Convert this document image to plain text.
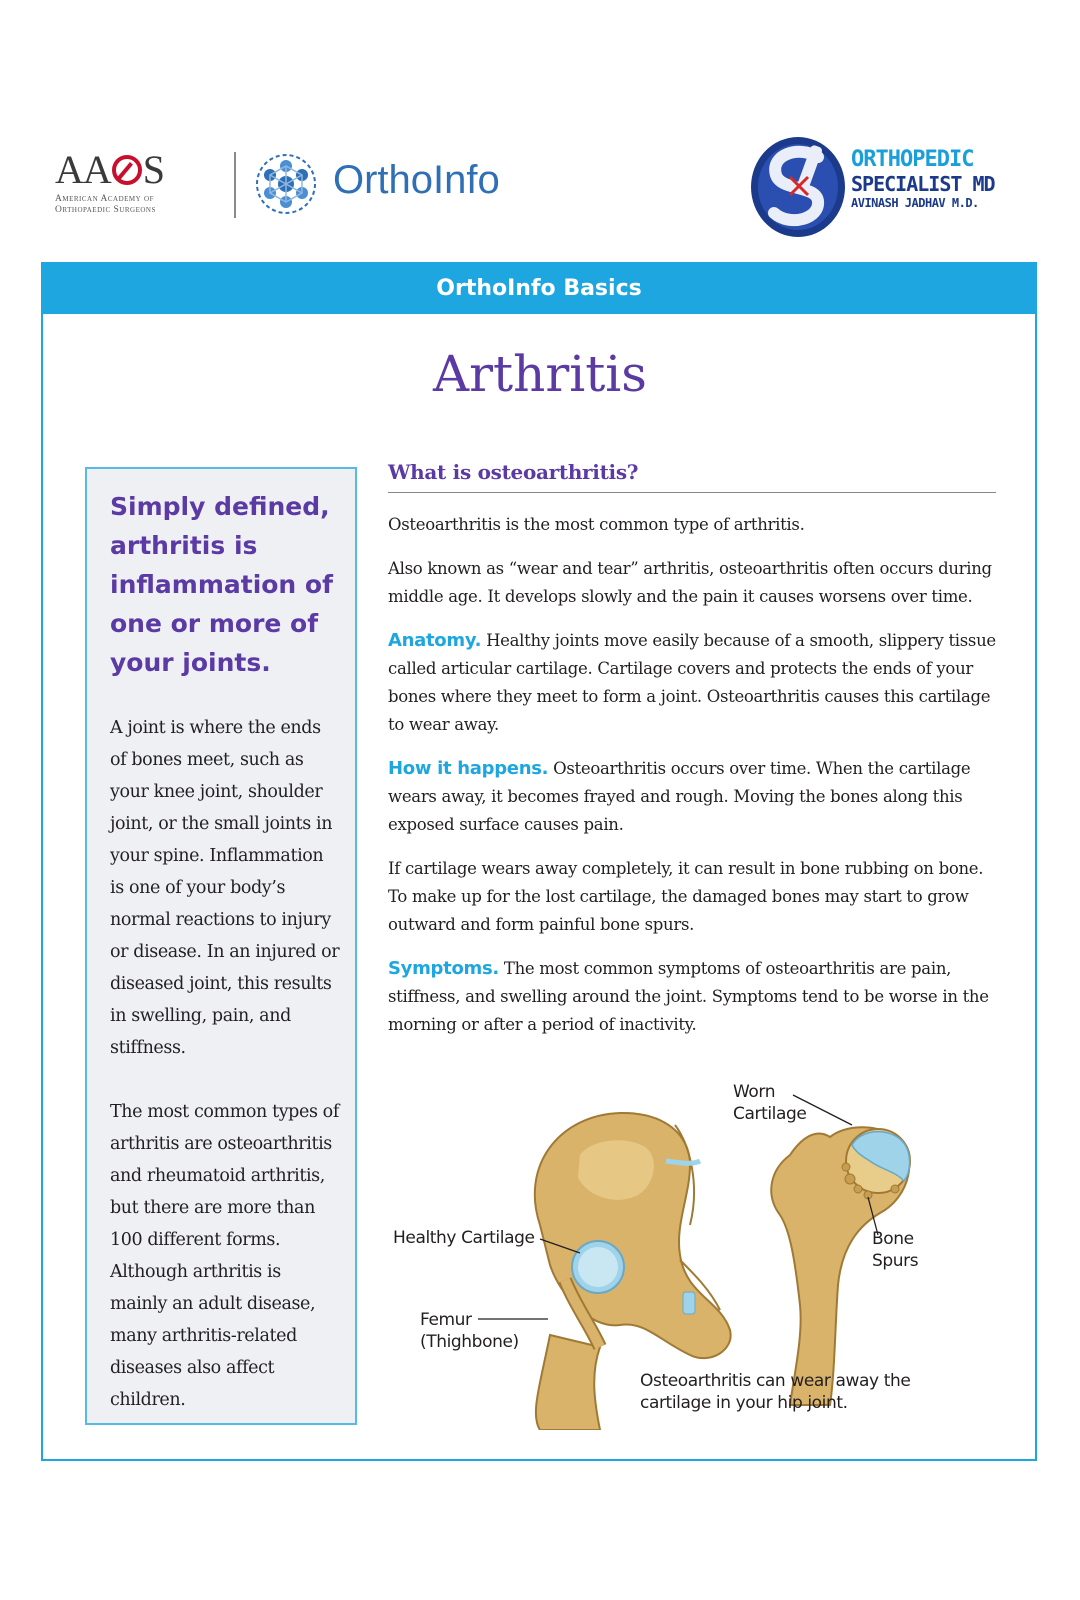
AA S
American Academy of
Orthopaedic Surgeons
OrthoInfo	ORTHOPEDIC
SPECIALIST MD
AVINASH JADHAV M.D.
OrthoInfo Basics
Arthritis

Simply defined, arthritis is inflammation of one or more of your joints.

A joint is where the ends of bones meet, such as your knee joint, shoulder joint, or the small joints in your spine. Inflammation is one of your body’s normal reactions to injury or disease. In an injured or diseased joint, this results in swelling, pain, and stiffness.

The most common types of arthritis are osteoarthritis and rheumatoid arthritis, but there are more than 100 different forms. Although arthritis is mainly an adult disease, many arthritis-related diseases also affect children.

What is osteoarthritis?

Osteoarthritis is the most common type of arthritis.

Also known as “wear and tear” arthritis, osteoarthritis often occurs during middle age. It develops slowly and the pain it causes worsens over time.

Anatomy. Healthy joints move easily because of a smooth, slippery tissue called articular cartilage. Cartilage covers and protects the ends of your bones where they meet to form a joint. Osteoarthritis causes this cartilage to wear away.

How it happens. Osteoarthritis occurs over time. When the cartilage wears away, it becomes frayed and rough. Moving the bones along this exposed surface causes pain.

If cartilage wears away completely, it can result in bone rubbing on bone. To make up for the lost cartilage, the damaged bones may start to grow outward and form painful bone spurs.

Symptoms. The most common symptoms of osteoarthritis are pain, stiffness, and swelling around the joint. Symptoms tend to be worse in the morning or after a period of inactivity.

Worn
Cartilage
Healthy Cartilage	Bone
Spurs
Femur
(Thighbone)
Osteoarthritis can wear away the
cartilage in your hip joint.
